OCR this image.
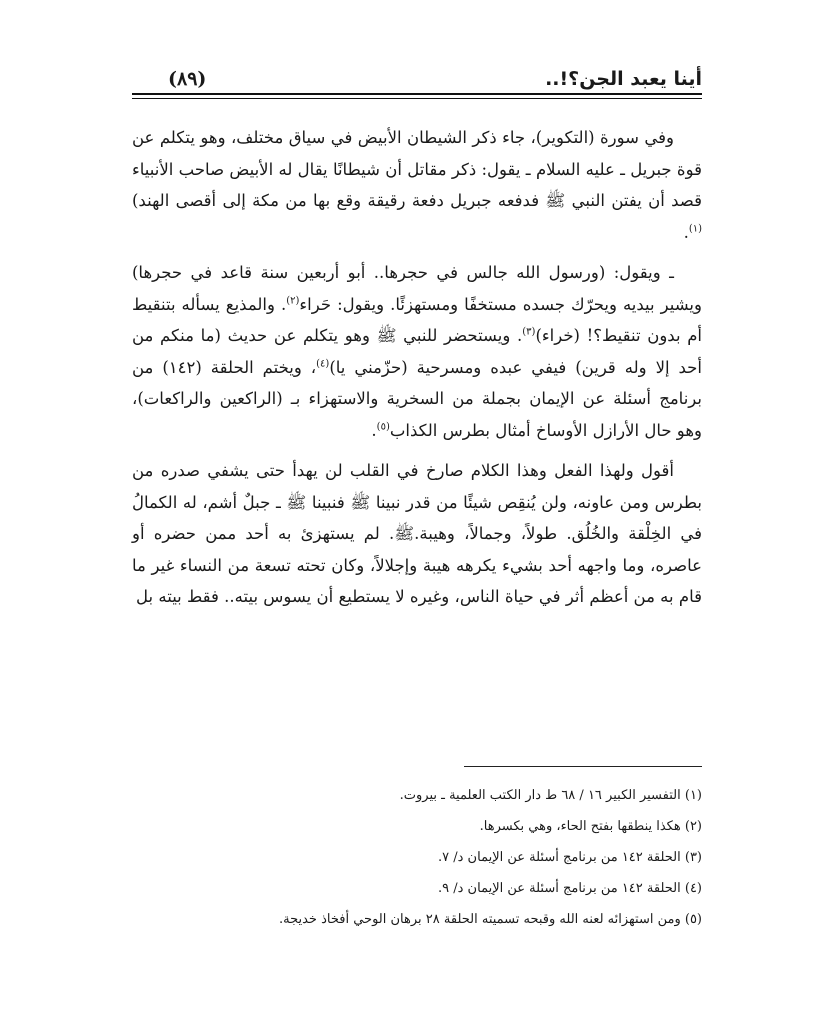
أينا يعبد الجن؟!..
(٨٩)

وفي سورة (التكوير)، جاء ذكر الشيطان الأبيض في سياق مختلف، وهو يتكلم عن قوة جبريل ـ عليه السلام ـ يقول: ذكر مقاتل أن شيطانًا يقال له الأبيض صاحب الأنبياء قصد أن يفتن النبي ﷺ فدفعه جبريل دفعة رقيقة وقع بها من مكة إلى أقصى الهند)$^{(١)}$.

ـ ويقول: (ورسول الله جالس في حجرها.. أبو أربعين سنة قاعد في حجرها) ويشير بيديه ويحرّك جسده مستخفًا ومستهزئًا. ويقول: حَراء$^{(٢)}$. والمذيع يسأله بتنقيط أم بدون تنقيط؟! (خراء)$^{(٣)}$. ويستحضر للنبي ﷺ وهو يتكلم عن حديث (ما منكم من أحد إلا وله قرين) فيفي عبده ومسرحية (حزّمني يا)$^{(٤)}$، ويختم الحلقة (١٤٢) من برنامج أسئلة عن الإيمان بجملة من السخرية والاستهزاء بـ (الراكعين والراكعات)، وهو حال الأرازل الأوساخ أمثال بطرس الكذاب$^{(٥)}$.

أقول ولهذا الفعل وهذا الكلام صارخ في القلب لن يهدأ حتى يشفي صدره من بطرس ومن عاونه، ولن يُنقِص شيئًا من قدر نبينا ﷺ فنبينا ﷺ ـ جبلٌ أشم، له الكمالُ في الخِلْقة والخُلُق. طولاً، وجمالاً، وهيبة.ﷺ. لم يستهزئ به أحد ممن حضره أو عاصره، وما واجهه أحد بشيء يكرهه هيبة وإجلالاً، وكان تحته تسعة من النساء غير ما قام به من أعظم أثر في حياة الناس، وغيره لا يستطيع أن يسوس بيته.. فقط بيته بل

(١) التفسير الكبير ١٦ / ٦٨ ط دار الكتب العلمية ـ بيروت.
(٢) هكذا ينطقها بفتح الحاء، وهي بكسرها.
(٣) الحلقة ١٤٢ من برنامج أسئلة عن الإيمان د/ ٧.
(٤) الحلقة ١٤٢ من برنامج أسئلة عن الإيمان د/ ٩.
(٥) ومن استهزائه لعنه الله وقبحه تسميته الحلقة ٢٨ برهان الوحي أفخاذ خديجة.
